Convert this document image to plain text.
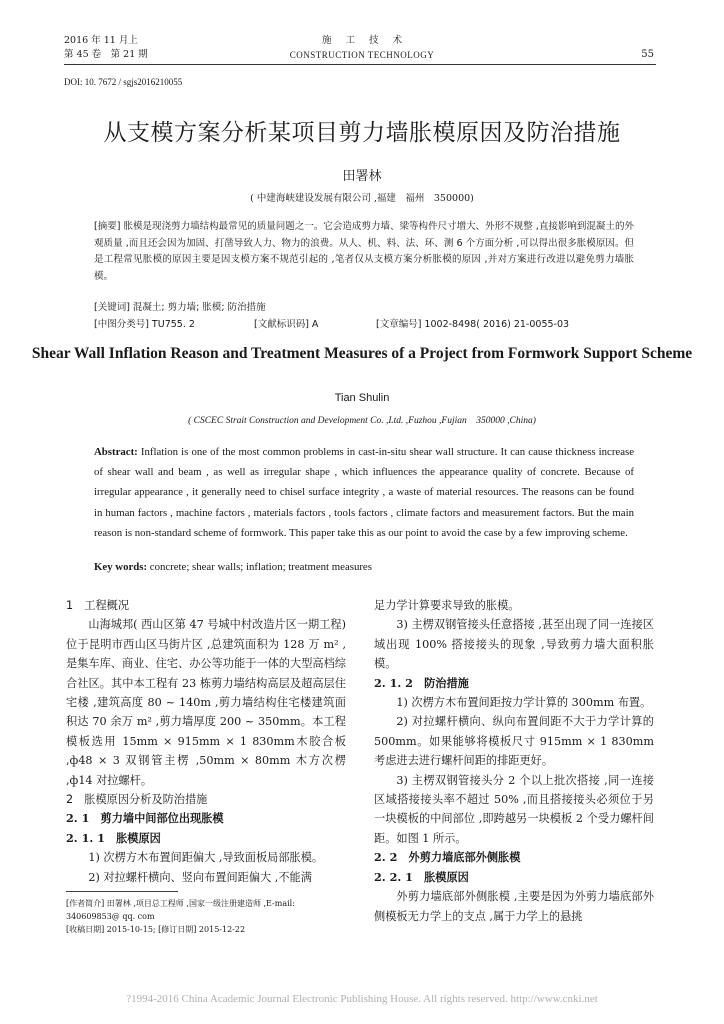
2016 年 11 月上
第 45 卷　第 21 期
施工技术
CONSTRUCTION TECHNOLOGY	55
DOI: 10. 7672 / sgjs2016210055
从支模方案分析某项目剪力墙胀模原因及防治措施
田署林
( 中建海峡建设发展有限公司 ,福建　福州　350000)
[摘要] 胀模是现浇剪力墙结构最常见的质量问题之一。它会造成剪力墙、梁等构件尺寸增大、外形不规整 ,直接影响到混凝土的外观质量 ,而且还会因为加固、打凿导致人力、物力的浪费。从人、机、料、法、环、测 6 个方面分析 ,可以得出很多胀模原因。但是工程常见胀模的原因主要是因支模方案不规范引起的 ,笔者仅从支模方案分析胀模的原因 ,并对方案进行改进以避免剪力墙胀模。
[关键词] 混凝土; 剪力墙; 胀模; 防治措施
[中图分类号] TU755. 2	[文献标识码] A	[文章编号] 1002-8498( 2016) 21-0055-03
Shear Wall Inflation Reason and Treatment Measures of a Project from Formwork Support Scheme
Tian Shulin
( CSCEC Strait Construction and Development Co. ,Ltd. ,Fuzhou ,Fujian　350000 ,China)
Abstract: Inflation is one of the most common problems in cast-in-situ shear wall structure. It can cause thickness increase of shear wall and beam , as well as irregular shape , which influences the appearance quality of concrete. Because of irregular appearance , it generally need to chisel surface integrity , a waste of material resources. The reasons can be found in human factors , machine factors , materials factors , tools factors , climate factors and measurement factors. But the main reason is non-standard scheme of formwork. This paper take this as our point to avoid the case by a few improving scheme.
Key words: concrete; shear walls; inflation; treatment measures

1　工程概况

山海城邦( 西山区第 47 号城中村改造片区一期工程) 位于昆明市西山区马街片区 ,总建筑面积为 128 万 m² ,是集车库、商业、住宅、办公等功能于一体的大型高档综合社区。其中本工程有 23 栋剪力墙结构高层及超高层住宅楼 ,建筑高度 80 ~ 140m ,剪力墙结构住宅楼建筑面积达 70 余万 m² ,剪力墙厚度 200 ~ 350mm。本工程模板选用 15mm × 915mm × 1 830mm木胶合板 ,ф48 × 3 双钢管主楞 ,50mm × 80mm 木方次楞 ,ф14 对拉螺杆。

2　胀模原因分析及防治措施

2. 1　剪力墙中间部位出现胀模

2. 1. 1　胀模原因

1) 次楞方木布置间距偏大 ,导致面板局部胀模。

2) 对拉螺杆横向、竖向布置间距偏大 ,不能满

足力学计算要求导致的胀模。

3) 主楞双钢管接头任意搭接 ,甚至出现了同一连接区域出现 100% 搭接接头的现象 ,导致剪力墙大面积胀模。

2. 1. 2　防治措施

1) 次楞方木布置间距按力学计算的 300mm 布置。

2) 对拉螺杆横向、纵向布置间距不大于力学计算的 500mm。如果能够将模板尺寸 915mm × 1 830mm考虑进去进行螺杆间距的排距更好。

3) 主楞双钢管接头分 2 个以上批次搭接 ,同一连接区域搭接接头率不超过 50% ,而且搭接接头必须位于另一块模板的中间部位 ,即跨越另一块模板 2 个受力螺杆间距。如图 1 所示。

2. 2　外剪力墙底部外侧胀模

2. 2. 1　胀模原因

外剪力墙底部外侧胀模 ,主要是因为外剪力墙底部外侧模板无力学上的支点 ,属于力学上的悬挑

[作者简介] 田署林 ,项目总工程师 ,国家一级注册建造师 ,E-mail: 340609853@ qq. com
[收稿日期] 2015-10-15; [修订日期] 2015-12-22
?1994-2016 China Academic Journal Electronic Publishing House. All rights reserved. http://www.cnki.net
